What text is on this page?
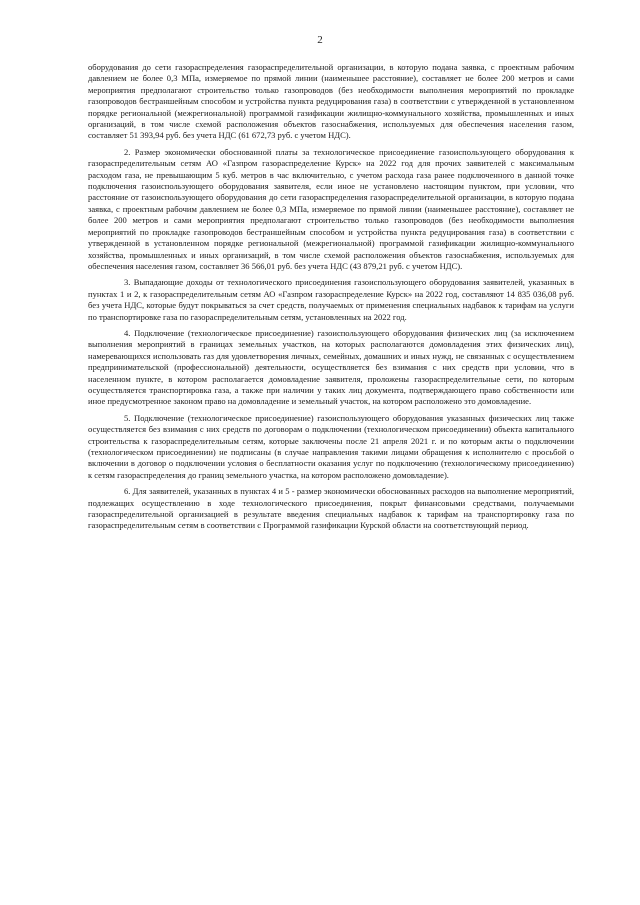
2

оборудования до сети газораспределения газораспределительной организации, в которую подана заявка, с проектным рабочим давлением не более 0,3 МПа, измеряемое по прямой линии (наименьшее расстояние), составляет не более 200 метров и сами мероприятия предполагают строительство только газопроводов (без необходимости выполнения мероприятий по прокладке газопроводов бестраншейным способом и устройства пункта редуцирования газа) в соответствии с утвержденной в установленном порядке региональной (межрегиональной) программой газификации жилищно-коммунального хозяйства, промышленных и иных организаций, в том числе схемой расположения объектов газоснабжения, используемых для обеспечения населения газом, составляет 51 393,94 руб. без учета НДС (61 672,73 руб. с учетом НДС).

2. Размер экономически обоснованной платы за технологическое присоединение газоиспользующего оборудования к газораспределительным сетям АО «Газпром газораспределение Курск» на 2022 год для прочих заявителей с максимальным расходом газа, не превышающим 5 куб. метров в час включительно, с учетом расхода газа ранее подключенного в данной точке подключения газоиспользующего оборудования заявителя, если иное не установлено настоящим пунктом, при условии, что расстояние от газоиспользующего оборудования до сети газораспределения газораспределительной организации, в которую подана заявка, с проектным рабочим давлением не более 0,3 МПа, измеряемое по прямой линии (наименьшее расстояние), составляет не более 200 метров и сами мероприятия предполагают строительство только газопроводов (без необходимости выполнения мероприятий по прокладке газопроводов бестраншейным способом и устройства пункта редуцирования газа) в соответствии с утвержденной в установленном порядке региональной (межрегиональной) программой газификации жилищно-коммунального хозяйства, промышленных и иных организаций, в том числе схемой расположения объектов газоснабжения, используемых для обеспечения населения газом, составляет 36 566,01 руб. без учета НДС (43 879,21 руб. с учетом НДС).

3. Выпадающие доходы от технологического присоединения газоиспользующего оборудования заявителей, указанных в пунктах 1 и 2, к газораспределительным сетям АО «Газпром газораспределение Курск» на 2022 год, составляют 14 835 036,08 руб. без учета НДС, которые будут покрываться за счет средств, получаемых от применения специальных надбавок к тарифам на услуги по транспортировке газа по газораспределительным сетям, установленных на 2022 год.

4. Подключение (технологическое присоединение) газоиспользующего оборудования физических лиц (за исключением выполнения мероприятий в границах земельных участков, на которых располагаются домовладения этих физических лиц), намеревающихся использовать газ для удовлетворения личных, семейных, домашних и иных нужд, не связанных с осуществлением предпринимательской (профессиональной) деятельности, осуществляется без взимания с них средств при условии, что в населенном пункте, в котором располагается домовладение заявителя, проложены газораспределительные сети, по которым осуществляется транспортировка газа, а также при наличии у таких лиц документа, подтверждающего право собственности или иное предусмотренное законом право на домовладение и земельный участок, на котором расположено это домовладение.

5. Подключение (технологическое присоединение) газоиспользующего оборудования указанных физических лиц также осуществляется без взимания с них средств по договорам о подключении (технологическом присоединении) объекта капитального строительства к газораспределительным сетям, которые заключены после 21 апреля 2021 г. и по которым акты о подключении (технологическом присоединении) не подписаны (в случае направления такими лицами обращения к исполнителю с просьбой о включении в договор о подключении условия о бесплатности оказания услуг по подключению (технологическому присоединению) к сетям газораспределения до границ земельного участка, на котором расположено домовладение).

6. Для заявителей, указанных в пунктах 4 и 5 - размер экономически обоснованных расходов на выполнение мероприятий, подлежащих осуществлению в ходе технологического присоединения, покрыт финансовыми средствами, получаемыми газораспределительной организацией в результате введения специальных надбавок к тарифам на транспортировку газа по газораспределительным сетям в соответствии с Программой газификации Курской области на соответствующий период.
